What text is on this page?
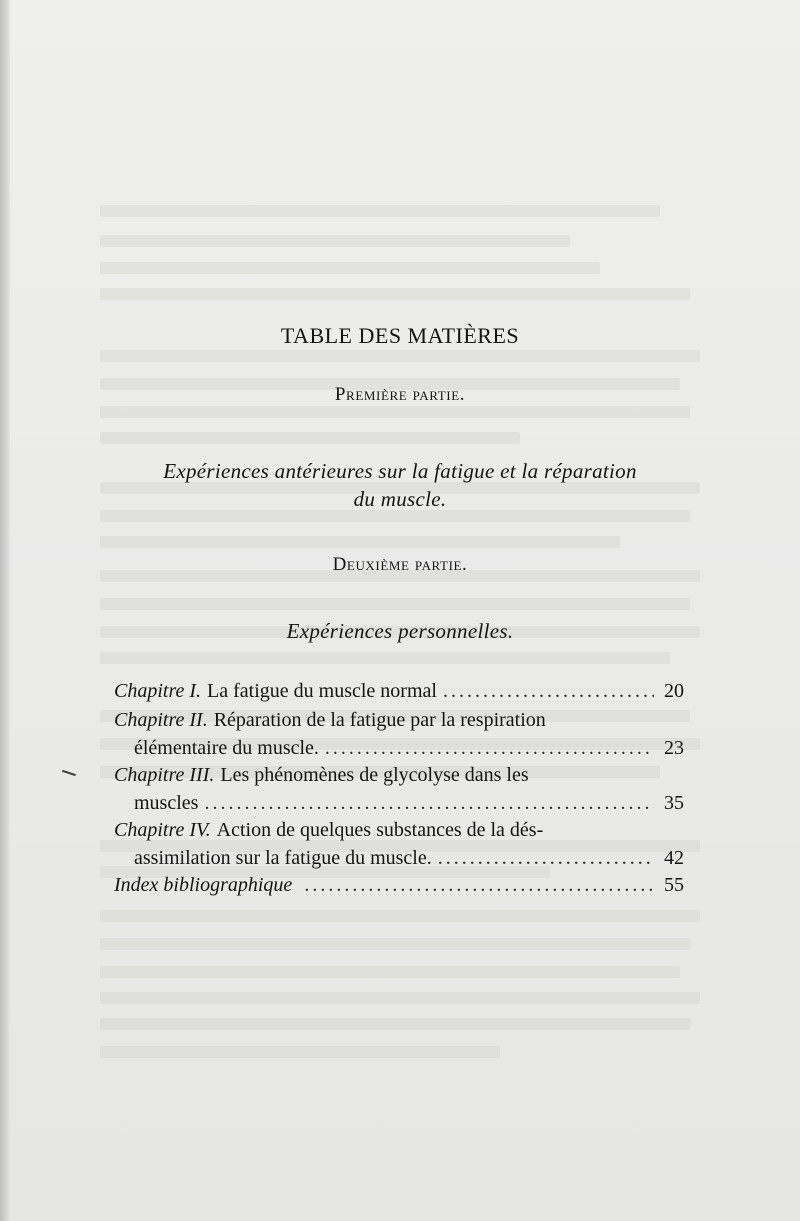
TABLE DES MATIÈRES
Première partie.
Expériences antérieures sur la fatigue et la réparation
du muscle.
Deuxième partie.
Expériences personnelles.
Chapitre I. La fatigue du muscle normal .....	20
Chapitre II. Réparation de la fatigue par la respiration
élémentaire du muscle. .....	23
Chapitre III. Les phénomènes de glycolyse dans les
muscles .....	35
Chapitre IV. Action de quelques substances de la dés-
assimilation sur la fatigue du muscle. .....	42
Index bibliographique .....	55
